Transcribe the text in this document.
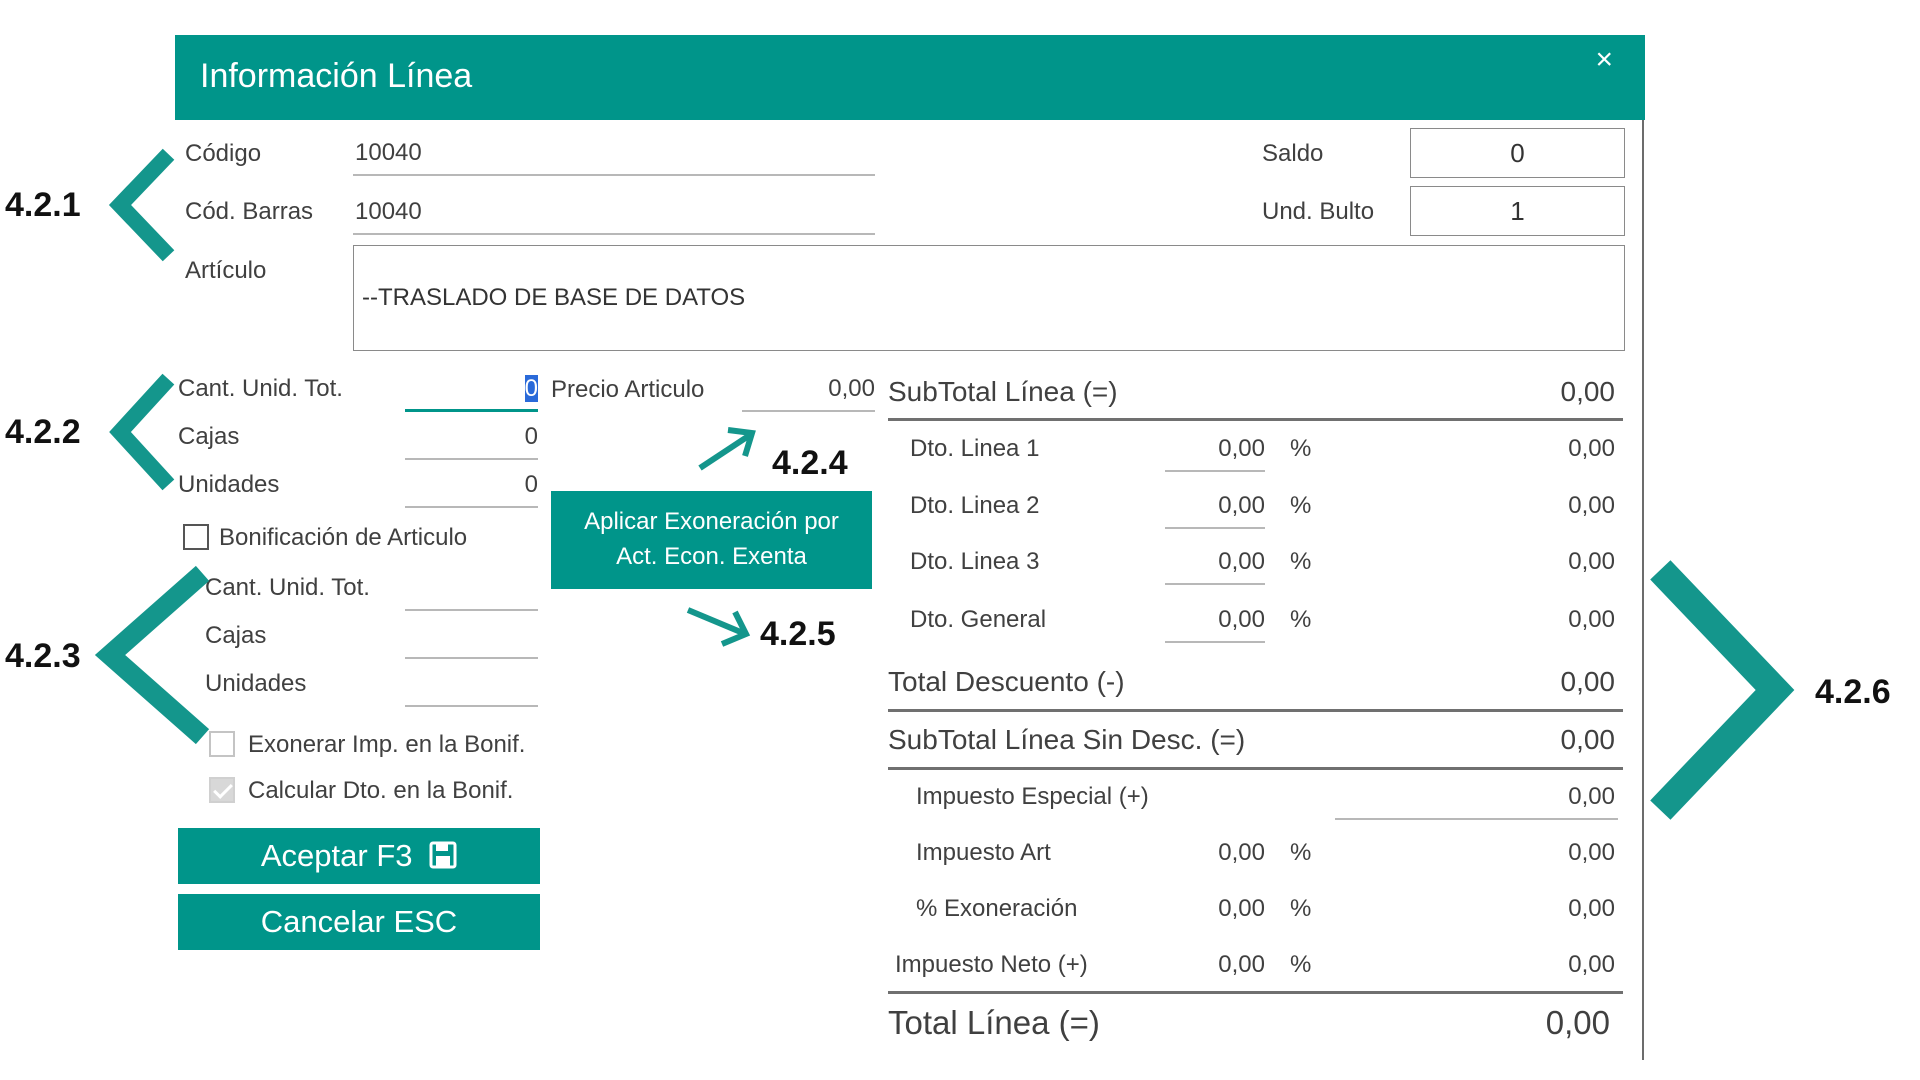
Información Línea	×
Código	10040
Cód. Barras 10040
Artículo
--TRASLADO DE BASE DE DATOS
Saldo	0
Und. Bulto	1
Cant. Unid. Tot.	0
Cajas	0
Unidades	0
Precio Articulo	0,00
Bonificación de Articulo
Cant. Unid. Tot.
Cajas
Unidades
Exonerar Imp. en la Bonif.
Calcular Dto. en la Bonif.
Aplicar Exoneración por
Act. Econ. Exenta
Aceptar F3
Cancelar ESC
SubTotal Línea (=)	0,00
Dto. Linea 1	0,00 %	0,00
Dto. Linea 2	0,00 %	0,00
Dto. Linea 3	0,00 %	0,00
Dto. General	0,00 %	0,00
Total Descuento (-)	0,00
SubTotal Línea Sin Desc. (=)	0,00
Impuesto Especial (+)	0,00
Impuesto Art	0,00 %	0,00
% Exoneración	0,00 %	0,00
Impuesto Neto (+)	0,00 %	0,00
Total Línea (=)	0,00
4.2.1
4.2.2
4.2.3
4.2.4
4.2.5
4.2.6
